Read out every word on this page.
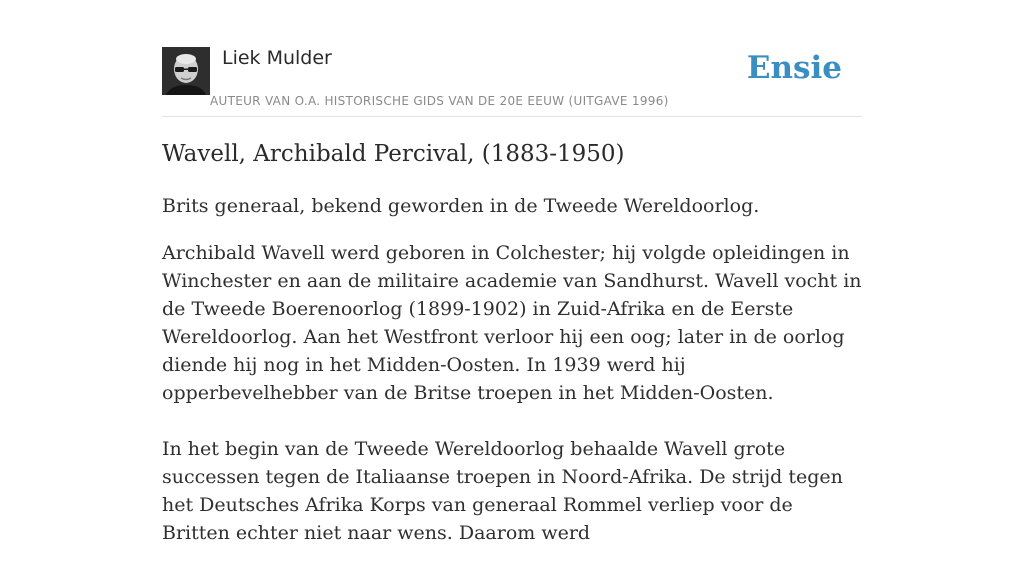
Liek Mulder
AUTEUR VAN O.A. HISTORISCHE GIDS VAN DE 20E EEUW (UITGAVE 1996)
Ensie
Wavell, Archibald Percival, (1883-1950)
Brits generaal, bekend geworden in de Tweede Wereldoorlog.

Archibald Wavell werd geboren in Colchester; hij volgde opleidingen in Winchester en aan de militaire academie van Sandhurst. Wavell vocht in de Tweede Boerenoorlog (1899-1902) in Zuid-Afrika en de Eerste Wereldoorlog. Aan het Westfront verloor hij een oog; later in de oorlog diende hij nog in het Midden-Oosten. In 1939 werd hij opperbevelhebber van de Britse troepen in het Midden-Oosten.

In het begin van de Tweede Wereldoorlog behaalde Wavell grote successen tegen de Italiaanse troepen in Noord-Afrika. De strijd tegen het Deutsches Afrika Korps van generaal Rommel verliep voor de Britten echter niet naar wens. Daarom werd
